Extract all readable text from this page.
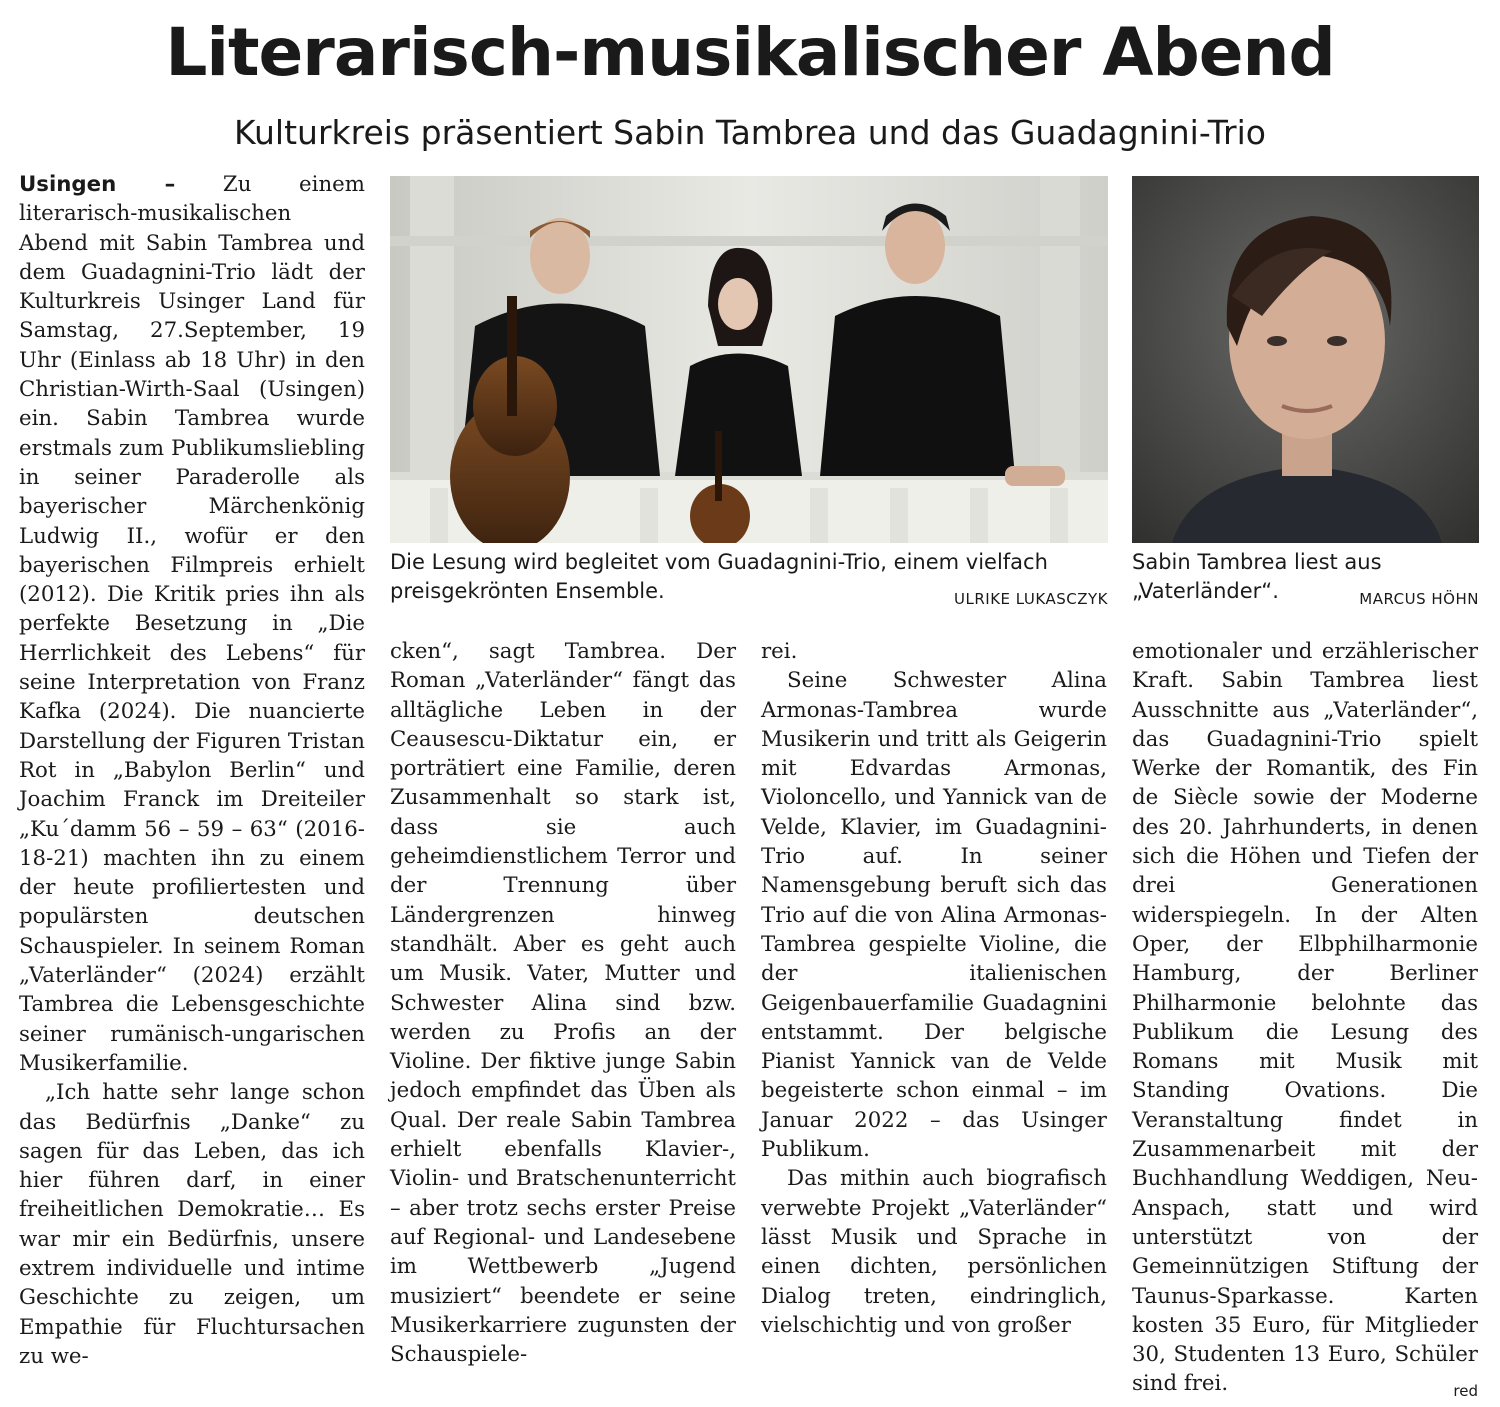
Literarisch-musikalischer Abend
Kulturkreis präsentiert Sabin Tambrea und das Guadagnini-Trio
Die Lesung wird begleitet vom Guadagnini-Trio, einem vielfach preisgekrönten Ensemble.	ULRIKE LUKASCZYK
Sabin Tambrea liest aus „Vaterländer“.	MARCUS HÖHN

Usingen – Zu einem literarisch-musikalischen Abend mit Sabin Tambrea und dem Guadagnini-Trio lädt der Kulturkreis Usinger Land für Samstag, 27.September, 19 Uhr (Einlass ab 18 Uhr) in den Christian-Wirth-Saal (Usingen) ein. Sabin Tambrea wurde erstmals zum Publikumsliebling in seiner Paraderolle als bayerischer Märchenkönig Ludwig II., wofür er den bayerischen Filmpreis erhielt (2012). Die Kritik pries ihn als perfekte Besetzung in „Die Herrlichkeit des Lebens“ für seine Interpretation von Franz Kafka (2024). Die nuancierte Darstellung der Figuren Tristan Rot in „Babylon Berlin“ und Joachim Franck im Dreiteiler „Ku´damm 56 – 59 – 63“ (2016-18-21) machten ihn zu einem der heute profiliertesten und populärsten deutschen Schauspieler. In seinem Roman „Vaterländer“ (2024) erzählt Tambrea die Lebensgeschichte seiner rumänisch-ungarischen Musikerfamilie.

„Ich hatte sehr lange schon das Bedürfnis „Danke“ zu sagen für das Leben, das ich hier führen darf, in einer freiheitlichen Demokratie… Es war mir ein Bedürfnis, unsere extrem individuelle und intime Geschichte zu zeigen, um Empathie für Fluchtursachen zu we-

cken“, sagt Tambrea. Der Roman „Vaterländer“ fängt das alltägliche Leben in der Ceausescu-Diktatur ein, er porträtiert eine Familie, deren Zusammenhalt so stark ist, dass sie auch geheimdienstlichem Terror und der Trennung über Ländergrenzen hinweg standhält. Aber es geht auch um Musik. Vater, Mutter und Schwester Alina sind bzw. werden zu Profis an der Violine. Der fiktive junge Sabin jedoch empfindet das Üben als Qual. Der reale Sabin Tambrea erhielt ebenfalls Klavier-, Violin- und Bratschenunterricht – aber trotz sechs erster Preise auf Regional- und Landesebene im Wettbewerb „Jugend musiziert“ beendete er seine Musikerkarriere zugunsten der Schauspiele-

rei.

Seine Schwester Alina Armonas-Tambrea wurde Musikerin und tritt als Geigerin mit Edvardas Armonas, Violoncello, und Yannick van de Velde, Klavier, im Guadagnini-Trio auf. In seiner Namensgebung beruft sich das Trio auf die von Alina Armonas-Tambrea gespielte Violine, die der italienischen Geigenbauerfamilie Guadagnini entstammt. Der belgische Pianist Yannick van de Velde begeisterte schon einmal – im Januar 2022 – das Usinger Publikum.

Das mithin auch biografisch verwebte Projekt „Vaterländer“ lässt Musik und Sprache in einen dichten, persönlichen Dialog treten, eindringlich, vielschichtig und von großer

emotionaler und erzählerischer Kraft. Sabin Tambrea liest Ausschnitte aus „Vaterländer“, das Guadagnini-Trio spielt Werke der Romantik, des Fin de Siècle sowie der Moderne des 20. Jahrhunderts, in denen sich die Höhen und Tiefen der drei Generationen widerspiegeln. In der Alten Oper, der Elbphilharmonie Hamburg, der Berliner Philharmonie belohnte das Publikum die Lesung des Romans mit Musik mit Standing Ovations. Die Veranstaltung findet in Zusammenarbeit mit der Buchhandlung Weddigen, Neu-Anspach, statt und wird unterstützt von der Gemeinnützigen Stiftung der Taunus-Sparkasse. Karten kosten 35 Euro, für Mitglieder 30, Studenten 13 Euro, Schüler sind frei.	red
